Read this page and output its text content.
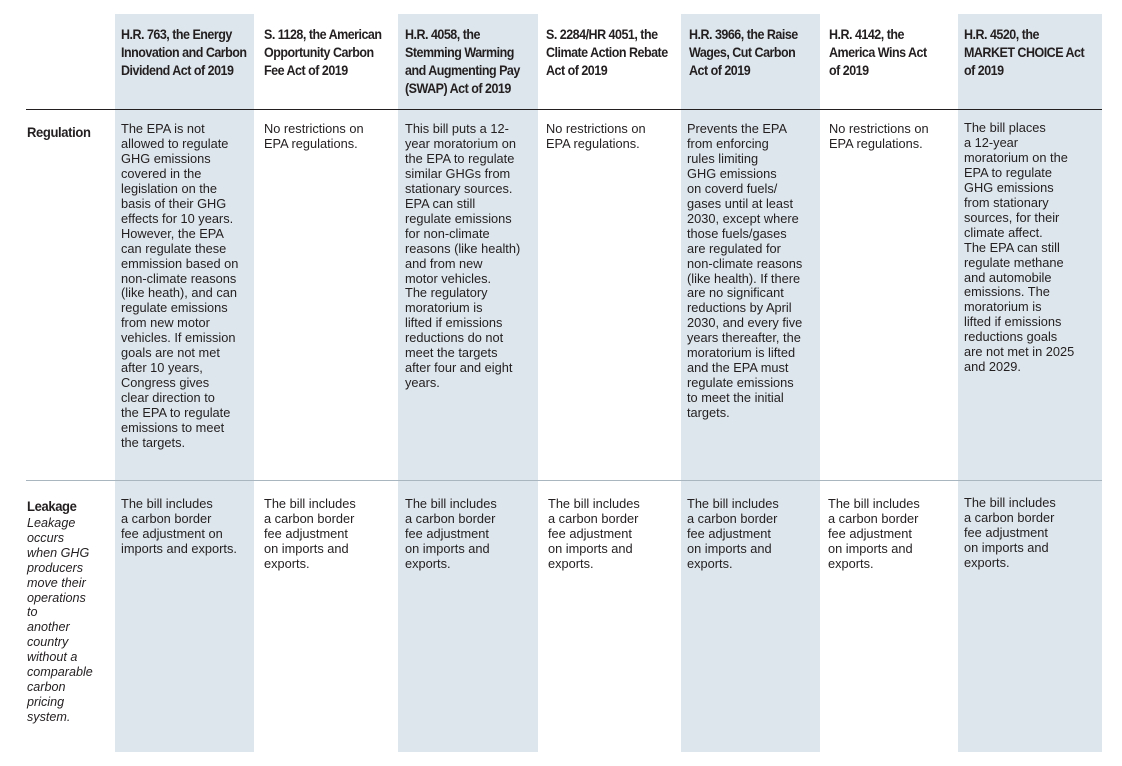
H.R. 763, the Energy
Innovation and Carbon
Dividend Act of 2019
S. 1128, the American
Opportunity Carbon
Fee Act of 2019
H.R. 4058, the
Stemming Warming
and Augmenting Pay
(SWAP) Act of 2019
S. 2284/HR 4051, the
Climate Action Rebate
Act of 2019
H.R. 3966, the Raise
Wages, Cut Carbon
Act of 2019
H.R. 4142, the
America Wins Act
of 2019
H.R. 4520, the
MARKET CHOICE Act
of 2019
Regulation
Leakage
Leakage
occurs
when GHG
producers
move their
operations
to
another
country
without a
comparable
carbon
pricing
system.
The EPA is not
allowed to regulate
GHG emissions
covered in the
legislation on the
basis of their GHG
effects for 10 years.
However, the EPA
can regulate these
emmission based on
non-climate reasons
(like heath), and can
regulate emissions
from new motor
vehicles. If emission
goals are not met
after 10 years,
Congress gives
clear direction to
the EPA to regulate
emissions to meet
the targets.
No restrictions on
EPA regulations.
This bill puts a 12-
year moratorium on
the EPA to regulate
similar GHGs from
stationary sources.
EPA can still
regulate emissions
for non-climate
reasons (like health)
and from new
motor vehicles.
The regulatory
moratorium is
lifted if emissions
reductions do not
meet the targets
after four and eight
years.
No restrictions on
EPA regulations.
Prevents the EPA
from enforcing
rules limiting
GHG emissions
on coverd fuels/
gases until at least
2030, except where
those fuels/gases
are regulated for
non-climate reasons
(like health). If there
are no significant
reductions by April
2030, and every five
years thereafter, the
moratorium is lifted
and the EPA must
regulate emissions
to meet the initial
targets.
No restrictions on
EPA regulations.
The bill places
a 12-year
moratorium on the
EPA to regulate
GHG emissions
from stationary
sources, for their
climate affect.
The EPA can still
regulate methane
and automobile
emissions. The
moratorium is
lifted if emissions
reductions goals
are not met in 2025
and 2029.
The bill includes
a carbon border
fee adjustment on
imports and exports.
The bill includes
a carbon border
fee adjustment
on imports and
exports.
The bill includes
a carbon border
fee adjustment
on imports and
exports.
The bill includes
a carbon border
fee adjustment
on imports and
exports.
The bill includes
a carbon border
fee adjustment
on imports and
exports.
The bill includes
a carbon border
fee adjustment
on imports and
exports.
The bill includes
a carbon border
fee adjustment
on imports and
exports.
